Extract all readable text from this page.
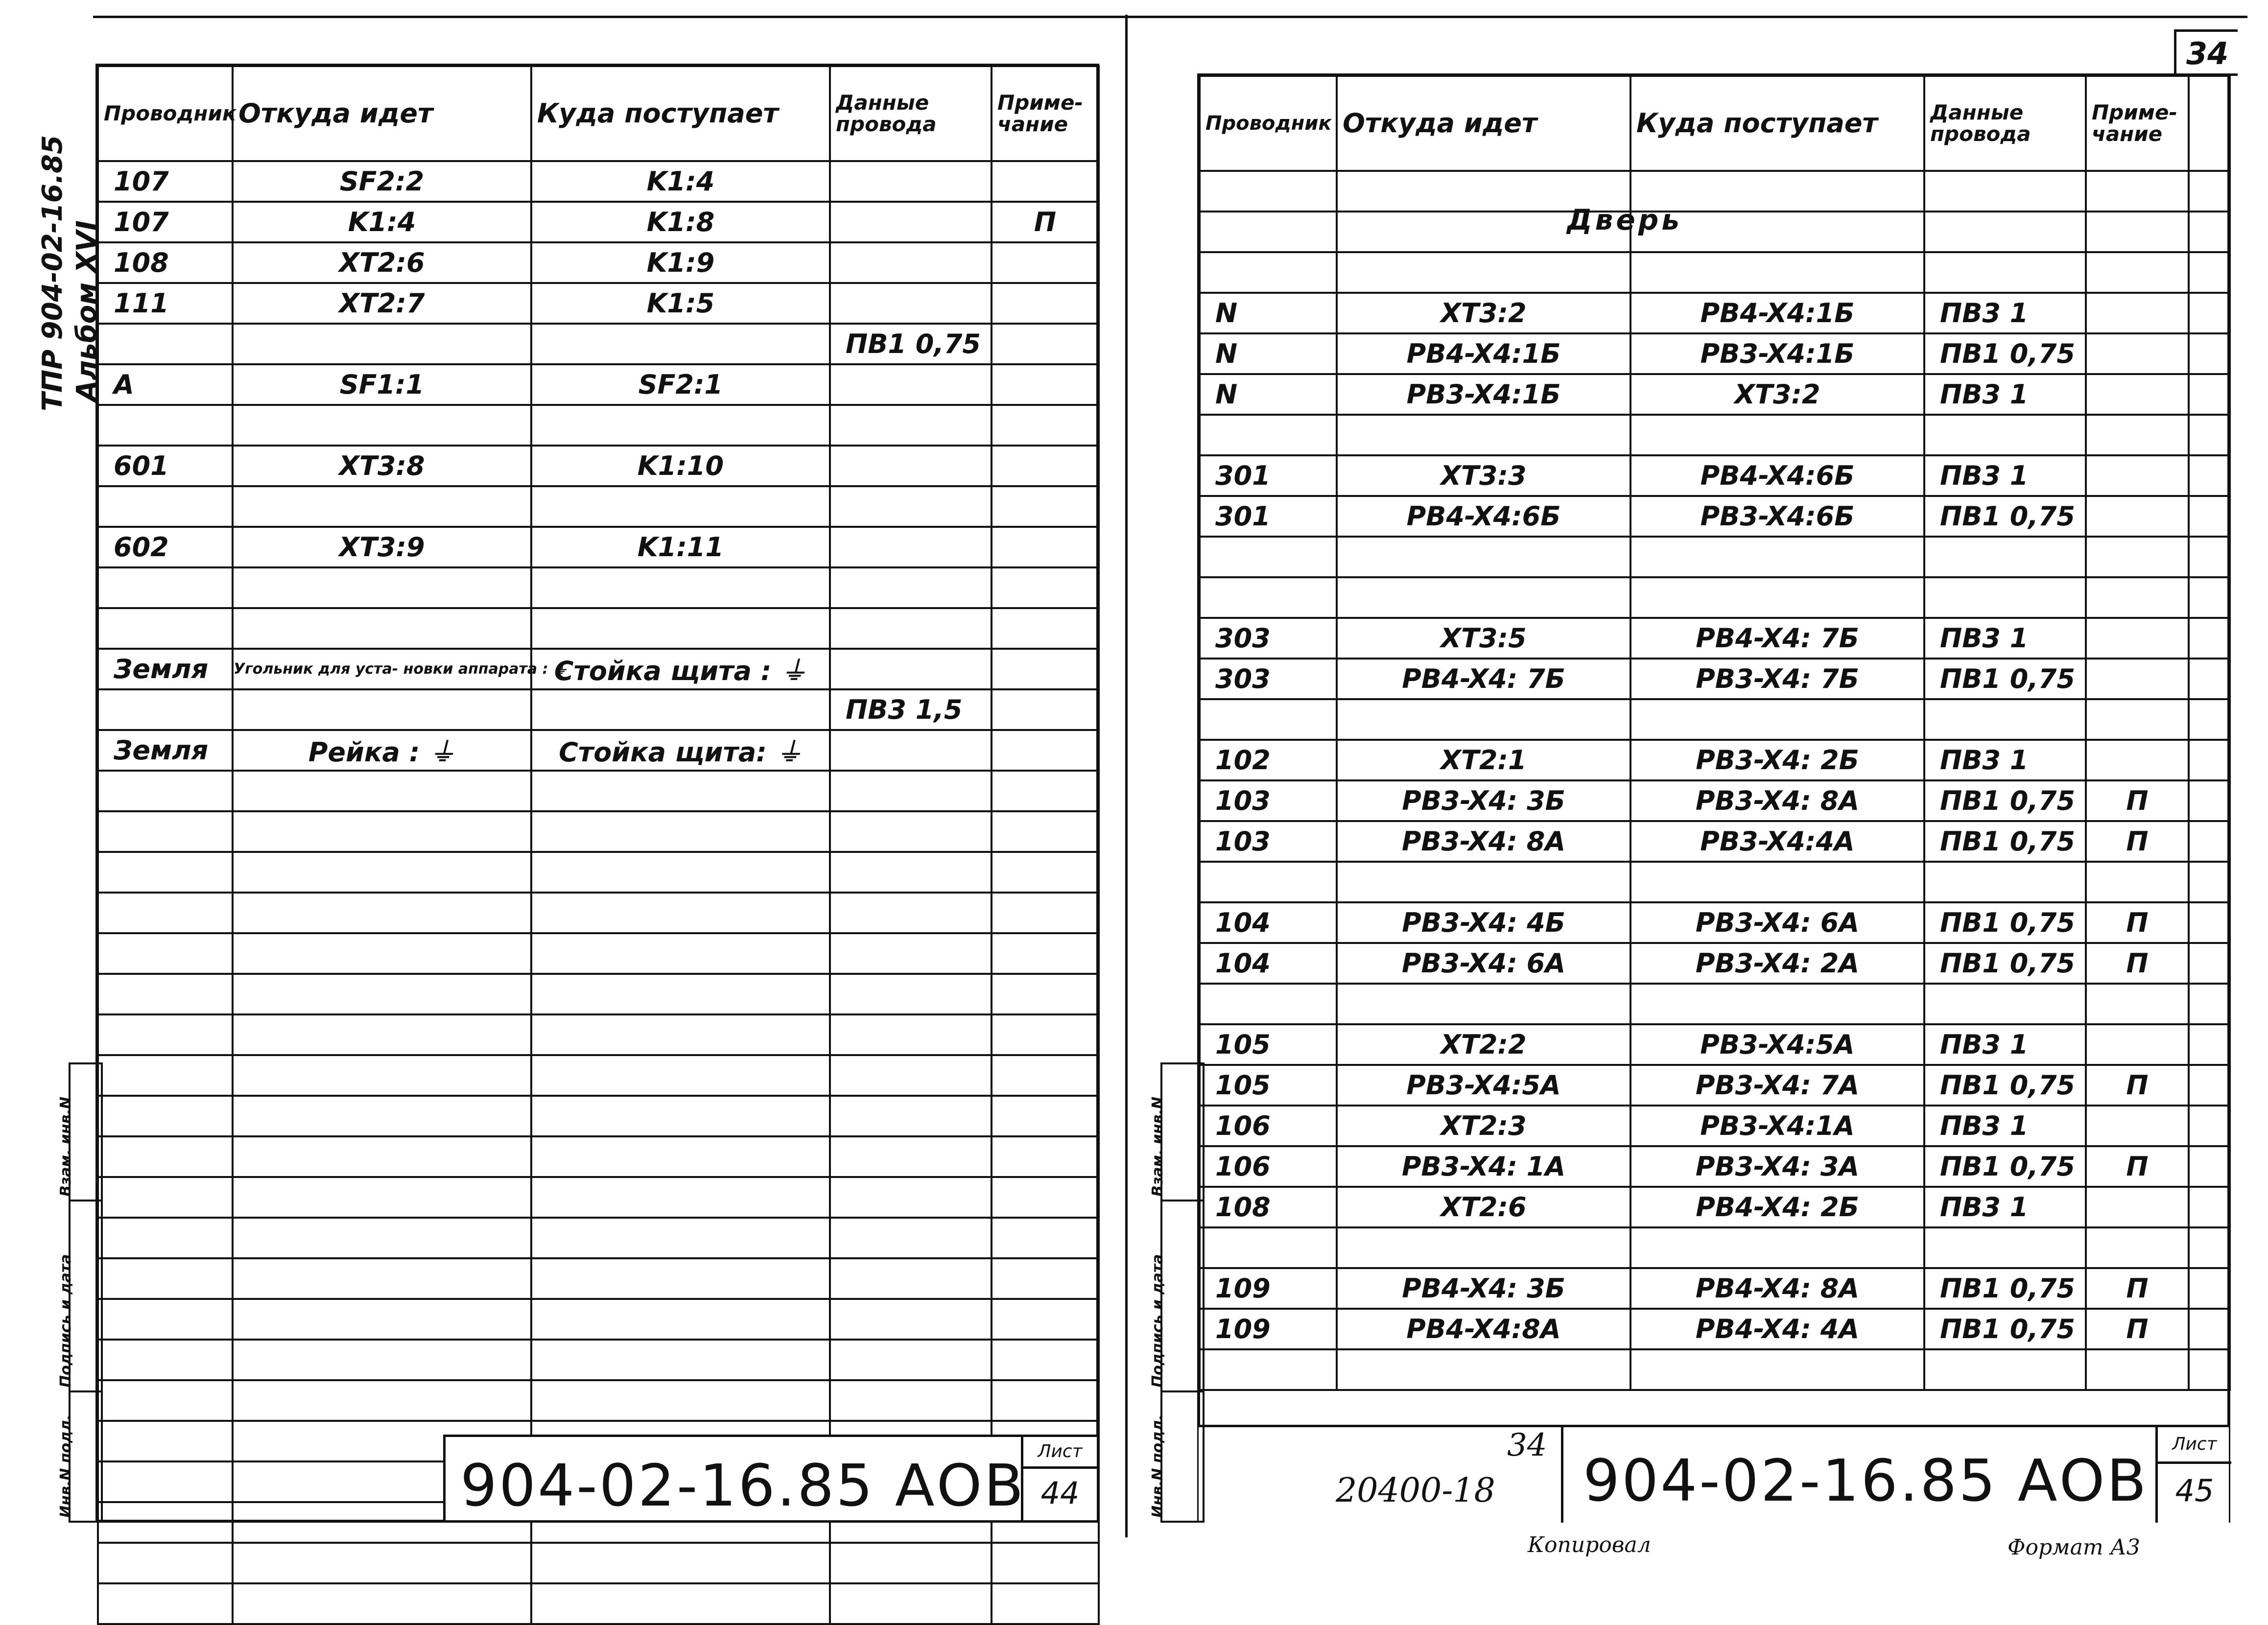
34
ТПР 904-02-16.85 Альбом XVI
Проводник	Откуда идет	Куда поступает	Данные провода	Приме-чание
107	SF2:2	K1:4		
107	K1:4	K1:8		П
108	XT2:6	K1:9		
111	XT2:7	K1:5		
			ПВ1 0,75	
A	SF1:1	SF2:1		

601	XT3:8	K1:10		

602	XT3:9	K1:11		

Земля	Угольник для уста- новки аппарата : ⏚	Стойка щита : ⏚		
			ПВ3 1,5	
Земля	Рейка : ⏚	Стойка щита: ⏚		

904-02-16.85 АОВ
Лист
44
Взам. инв.N
Подпись и дата
Инв.N подл.
Проводник	Откуда идет	Куда поступает	Данные провода	Приме-чание	

N	XT3:2	PB4-X4:1Б	ПВ3 1		
N	PB4-X4:1Б	PB3-X4:1Б	ПВ1 0,75		
N	PB3-X4:1Б	XT3:2	ПВ3 1		

301	XT3:3	PB4-X4:6Б	ПВ3 1		
301	PB4-X4:6Б	PB3-X4:6Б	ПВ1 0,75		

303	XT3:5	PB4-X4: 7Б	ПВ3 1		
303	PB4-X4: 7Б	PB3-X4: 7Б	ПВ1 0,75		

102	XT2:1	PB3-X4: 2Б	ПВ3 1		
103	PB3-X4: 3Б	PB3-X4: 8A	ПВ1 0,75	П	
103	PB3-X4: 8A	PB3-X4:4A	ПВ1 0,75	П	

104	PB3-X4: 4Б	PB3-X4: 6A	ПВ1 0,75	П	
104	PB3-X4: 6A	PB3-X4: 2A	ПВ1 0,75	П	

105	XT2:2	PB3-X4:5A	ПВ3 1		
105	PB3-X4:5A	PB3-X4: 7A	ПВ1 0,75	П	
106	XT2:3	PB3-X4:1A	ПВ3 1		
106	PB3-X4: 1A	PB3-X4: 3A	ПВ1 0,75	П	
108	XT2:6	PB4-X4: 2Б	ПВ3 1		

109	PB4-X4: 3Б	PB4-X4: 8A	ПВ1 0,75	П	
109	PB4-X4:8A	PB4-X4: 4A	ПВ1 0,75	П	

Дверь
34
20400-18 904-02-16.85 АОВ
Лист
45
Взам. инв.N
Подпись и дата
Инв.N подл.
Копировал	Формат А3
